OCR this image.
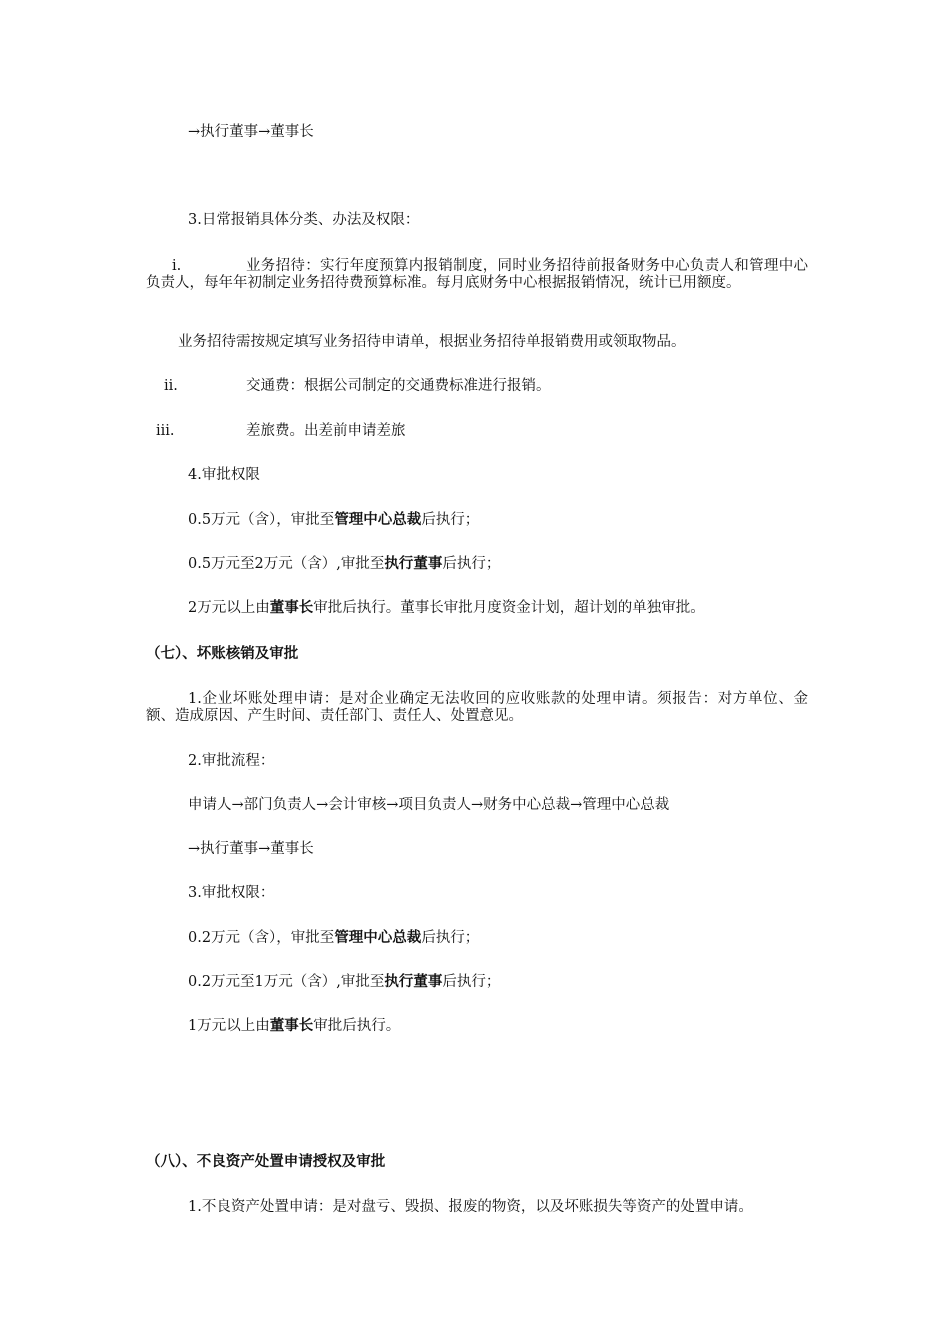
→执行董事→董事长

3.日常报销具体分类、办法及权限：

i.	业务招待：实行年度预算内报销制度，同时业务招待前报备财务中心负责人和管理中心负责人，每年年初制定业务招待费预算标准。每月底财务中心根据报销情况，统计已用额度。

业务招待需按规定填写业务招待申请单，根据业务招待单报销费用或领取物品。

ii.	交通费：根据公司制定的交通费标准进行报销。

iii.	差旅费。出差前申请差旅

4.审批权限

0.5万元（含），审批至管理中心总裁后执行；

0.5万元至2万元（含）,审批至执行董事后执行；

2万元以上由董事长审批后执行。董事长审批月度资金计划，超计划的单独审批。

（七）、坏账核销及审批

1.企业坏账处理申请：是对企业确定无法收回的应收账款的处理申请。须报告：对方单位、金额、造成原因、产生时间、责任部门、责任人、处置意见。

2.审批流程：

申请人→部门负责人→会计审核→项目负责人→财务中心总裁→管理中心总裁

→执行董事→董事长

3.审批权限：

0.2万元（含），审批至管理中心总裁后执行；

0.2万元至1万元（含）,审批至执行董事后执行；

1万元以上由董事长审批后执行。

（八）、不良资产处置申请授权及审批

1.不良资产处置申请：是对盘亏、毁损、报废的物资，以及坏账损失等资产的处置申请。
